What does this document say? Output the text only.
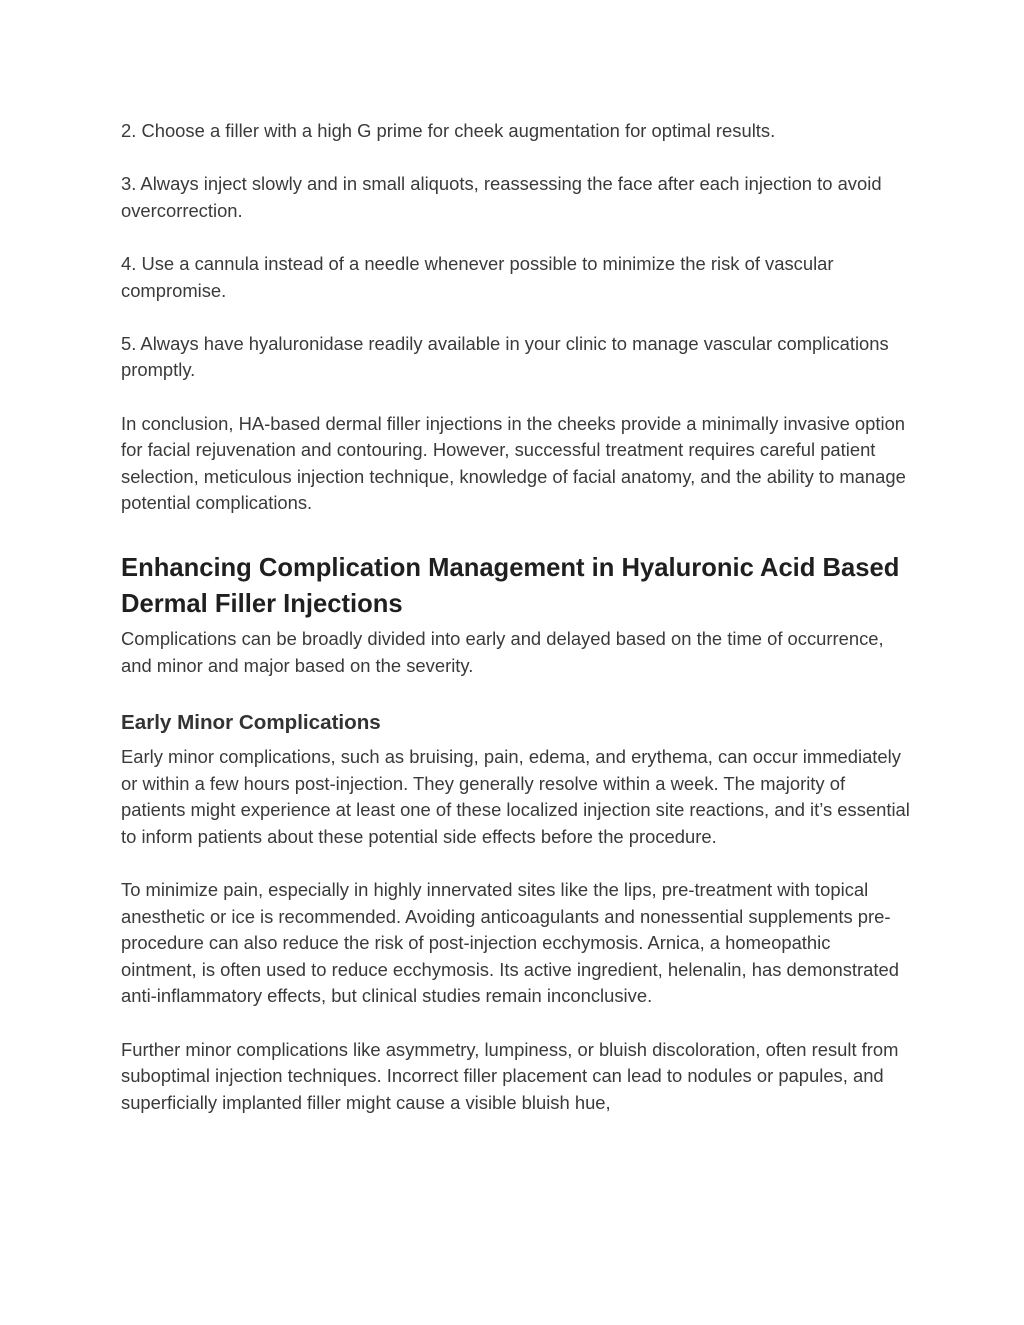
2. Choose a filler with a high G prime for cheek augmentation for optimal results.

3. Always inject slowly and in small aliquots, reassessing the face after each injection to avoid overcorrection.

4. Use a cannula instead of a needle whenever possible to minimize the risk of vascular compromise.

5. Always have hyaluronidase readily available in your clinic to manage vascular complications promptly.

In conclusion, HA-based dermal filler injections in the cheeks provide a minimally invasive option for facial rejuvenation and contouring. However, successful treatment requires careful patient selection, meticulous injection technique, knowledge of facial anatomy, and the ability to manage potential complications.

Enhancing Complication Management in Hyaluronic Acid Based Dermal Filler Injections

Complications can be broadly divided into early and delayed based on the time of occurrence, and minor and major based on the severity.

Early Minor Complications

Early minor complications, such as bruising, pain, edema, and erythema, can occur immediately or within a few hours post-injection. They generally resolve within a week. The majority of patients might experience at least one of these localized injection site reactions, and it’s essential to inform patients about these potential side effects before the procedure.

To minimize pain, especially in highly innervated sites like the lips, pre-treatment with topical anesthetic or ice is recommended. Avoiding anticoagulants and nonessential supplements pre-procedure can also reduce the risk of post-injection ecchymosis. Arnica, a homeopathic ointment, is often used to reduce ecchymosis. Its active ingredient, helenalin, has demonstrated anti-inflammatory effects, but clinical studies remain inconclusive.

Further minor complications like asymmetry, lumpiness, or bluish discoloration, often result from suboptimal injection techniques. Incorrect filler placement can lead to nodules or papules, and superficially implanted filler might cause a visible bluish hue,
